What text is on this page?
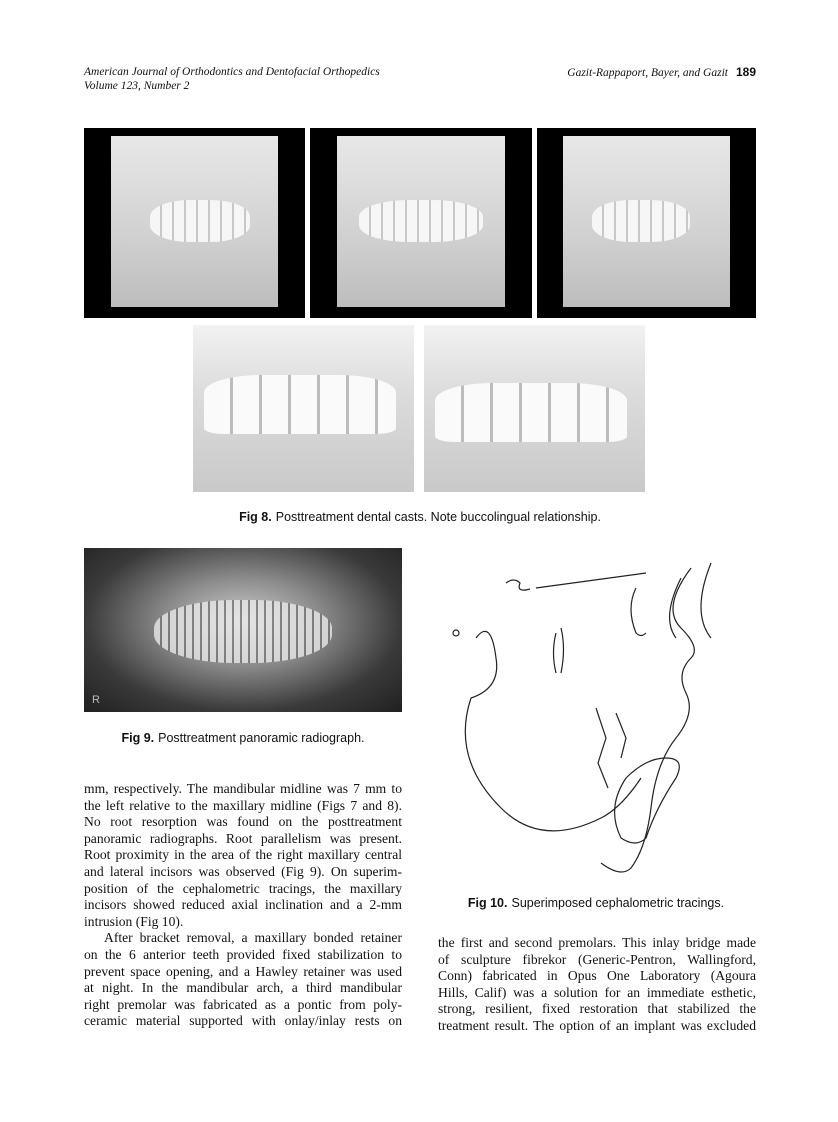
American Journal of Orthodontics and Dentofacial Orthopedics
Volume 123, Number 2
Gazit-Rappaport, Bayer, and Gazit 189
Fig 8. Posttreatment dental casts. Note buccolingual relationship.
R
Fig 9. Posttreatment panoramic radiograph.
Fig 10. Superimposed cephalometric tracings.
mm, respectively. The mandibular midline was 7 mm to
the left relative to the maxillary midline (Figs 7 and 8).
No root resorption was found on the posttreatment
panoramic radiographs. Root parallelism was present.
Root proximity in the area of the right maxillary central
and lateral incisors was observed (Fig 9). On superim-
position of the cephalometric tracings, the maxillary
incisors showed reduced axial inclination and a 2-mm
intrusion (Fig 10).
After bracket removal, a maxillary bonded retainer
on the 6 anterior teeth provided fixed stabilization to
prevent space opening, and a Hawley retainer was used
at night. In the mandibular arch, a third mandibular
right premolar was fabricated as a pontic from poly-
ceramic material supported with onlay/inlay rests on
the first and second premolars. This inlay bridge made
of sculpture fibrekor (Generic-Pentron, Wallingford,
Conn) fabricated in Opus One Laboratory (Agoura
Hills, Calif) was a solution for an immediate esthetic,
strong, resilient, fixed restoration that stabilized the
treatment result. The option of an implant was excluded
